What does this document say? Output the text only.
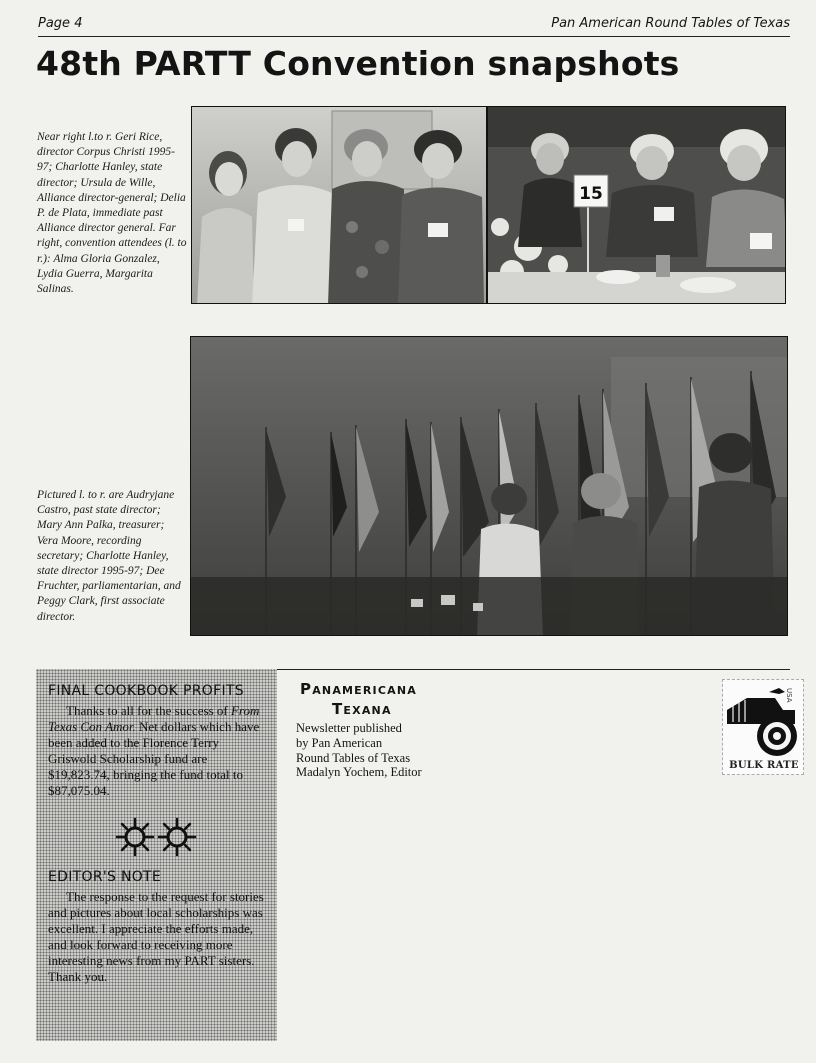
Page 4	Pan American Round Tables of Texas
48th PARTT Convention snapshots
Near right l.to r. Geri Rice, director Corpus Christi 1995-97; Charlotte Hanley, state director; Ursula de Wille, Alliance director-general; Delia P. de Plata, immediate past Alliance director general. Far right, convention attendees (l. to r.): Alma Gloria Gonzalez, Lydia Guerra, Margarita Salinas.
15
Pictured l. to r. are Audryjane Castro, past state director; Mary Ann Palka, treasurer; Vera Moore, recording secretary; Charlotte Hanley, state director 1995-97; Dee Fruchter, parliamentarian, and Peggy Clark, first associate director.
FINAL COOKBOOK PROFITS

Thanks to all for the success of From Texas Con Amor. Net dollars which have been added to the Florence Terry Griswold Scholarship fund are $19,823.74, bringing the fund total to $87,075.04.

EDITOR'S NOTE

The response to the request for stories and pictures about local scholarships was excellent. I appreciate the efforts made, and look forward to receiving more interesting news from my PART sisters. Thank you.

Panamericana
Texana
Newsletter published
by Pan American
Round Tables of Texas
Madalyn Yochem, Editor
USA
BULK RATE
